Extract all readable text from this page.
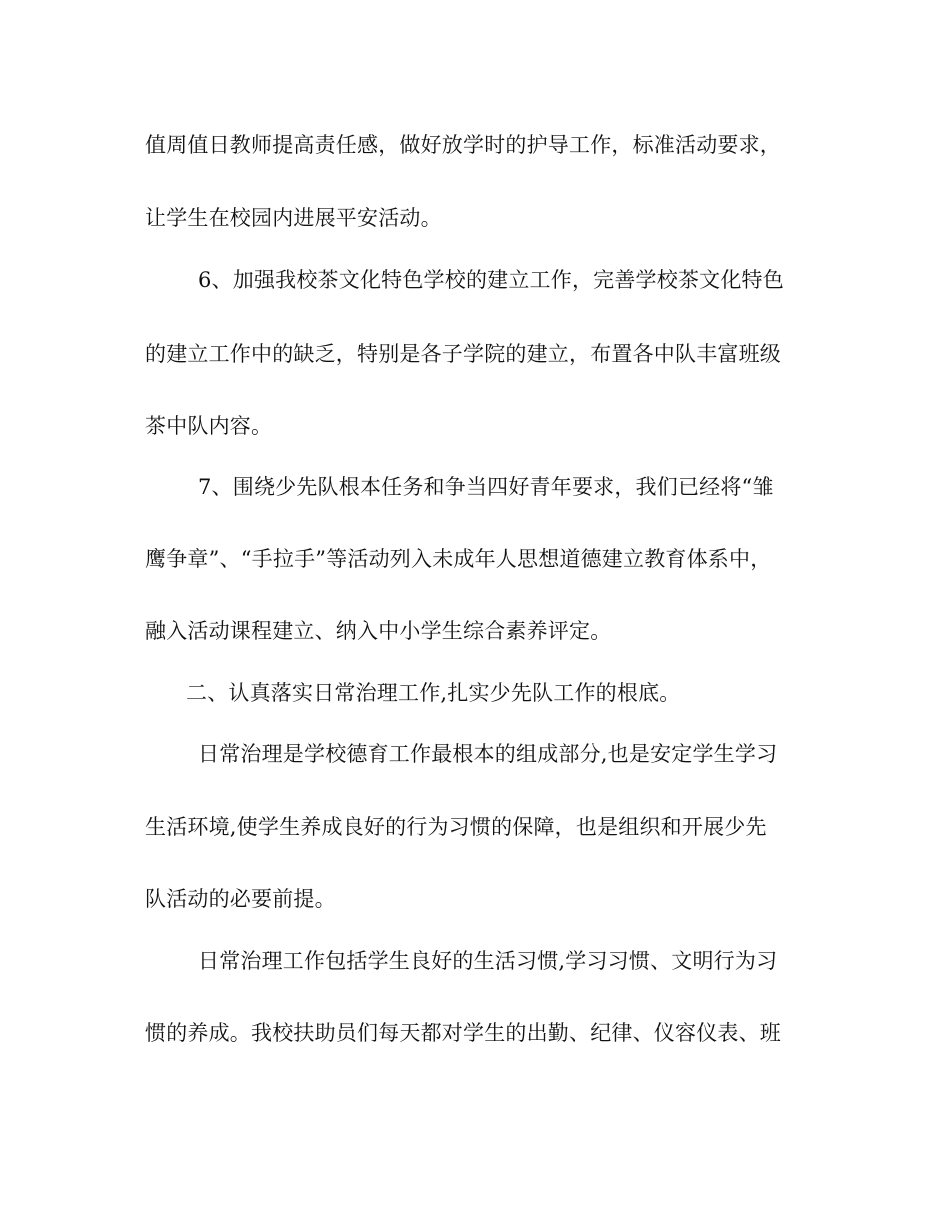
值周值日教师提高责任感，做好放学时的护导工作，标准活动要求，
让学生在校园内进展平安活动。
6、加强我校茶文化特色学校的建立工作，完善学校茶文化特色
的建立工作中的缺乏，特别是各子学院的建立，布置各中队丰富班级
茶中队内容。
7、围绕少先队根本任务和争当四好青年要求，我们已经将“雏
鹰争章”、“手拉手”等活动列入未成年人思想道德建立教育体系中，
融入活动课程建立、纳入中小学生综合素养评定。
二、认真落实日常治理工作,扎实少先队工作的根底。
日常治理是学校德育工作最根本的组成部分,也是安定学生学习
生活环境,使学生养成良好的行为习惯的保障，也是组织和开展少先
队活动的必要前提。
日常治理工作包括学生良好的生活习惯,学习习惯、文明行为习
惯的养成。我校扶助员们每天都对学生的出勤、纪律、仪容仪表、班
